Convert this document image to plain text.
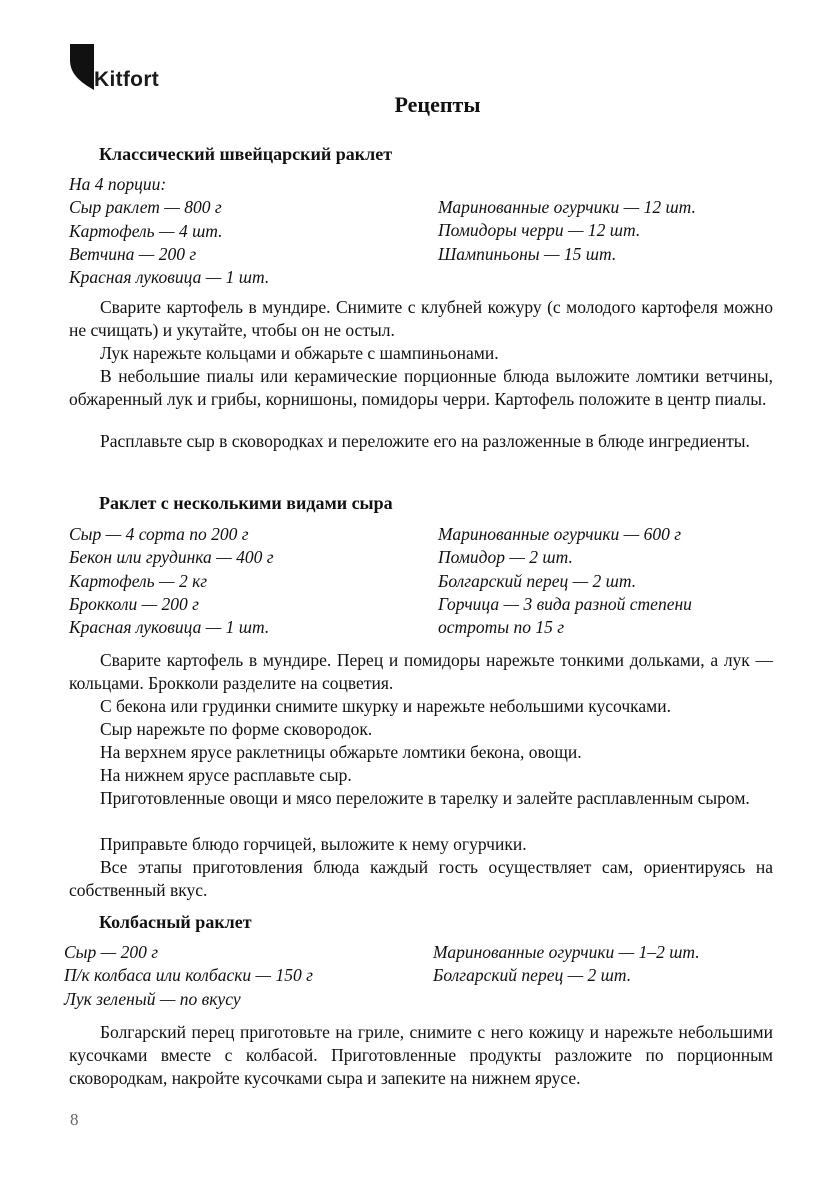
Kitfort
Рецепты
Классический швейцарский раклет
На 4 порции:
Сыр раклет — 800 г
Картофель — 4 шт.
Ветчина — 200 г
Красная луковица — 1 шт.
Маринованные огурчики — 12 шт.
Помидоры черри — 12 шт.
Шампиньоны — 15 шт.

Сварите картофель в мундире. Снимите с клубней кожуру (с молодого картофеля можно не счищать) и укутайте, чтобы он не остыл.

Лук нарежьте кольцами и обжарьте с шампиньонами.

В небольшие пиалы или керамические порционные блюда выложите ломтики ветчины, обжаренный лук и грибы, корнишоны, помидоры черри. Картофель положите в центр пиалы.

Расплавьте сыр в сковородках и переложите его на разложенные в блюде ингредиенты.

Раклет с несколькими видами сыра
Сыр — 4 сорта по 200 г
Бекон или грудинка — 400 г
Картофель — 2 кг
Брокколи — 200 г
Красная луковица — 1 шт.
Маринованные огурчики — 600 г
Помидор — 2 шт.
Болгарский перец — 2 шт.
Горчица — 3 вида разной степени
остроты по 15 г

Сварите картофель в мундире. Перец и помидоры нарежьте тонкими дольками, а лук — кольцами. Брокколи разделите на соцветия.

С бекона или грудинки снимите шкурку и нарежьте небольшими кусочками.

Сыр нарежьте по форме сковородок.

На верхнем ярусе раклетницы обжарьте ломтики бекона, овощи.

На нижнем ярусе расплавьте сыр.

Приготовленные овощи и мясо переложите в тарелку и залейте расплавленным сыром.

Приправьте блюдо горчицей, выложите к нему огурчики.

Все этапы приготовления блюда каждый гость осуществляет сам, ориентируясь на собственный вкус.

Колбасный раклет
Сыр — 200 г
П/к колбаса или колбаски — 150 г
Лук зеленый — по вкусу
Маринованные огурчики — 1–2 шт.
Болгарский перец — 2 шт.

Болгарский перец приготовьте на гриле, снимите с него кожицу и нарежьте небольшими кусочками вместе с колбасой. Приготовленные продукты разложите по порционным сковородкам, накройте кусочками сыра и запеките на нижнем ярусе.

8
